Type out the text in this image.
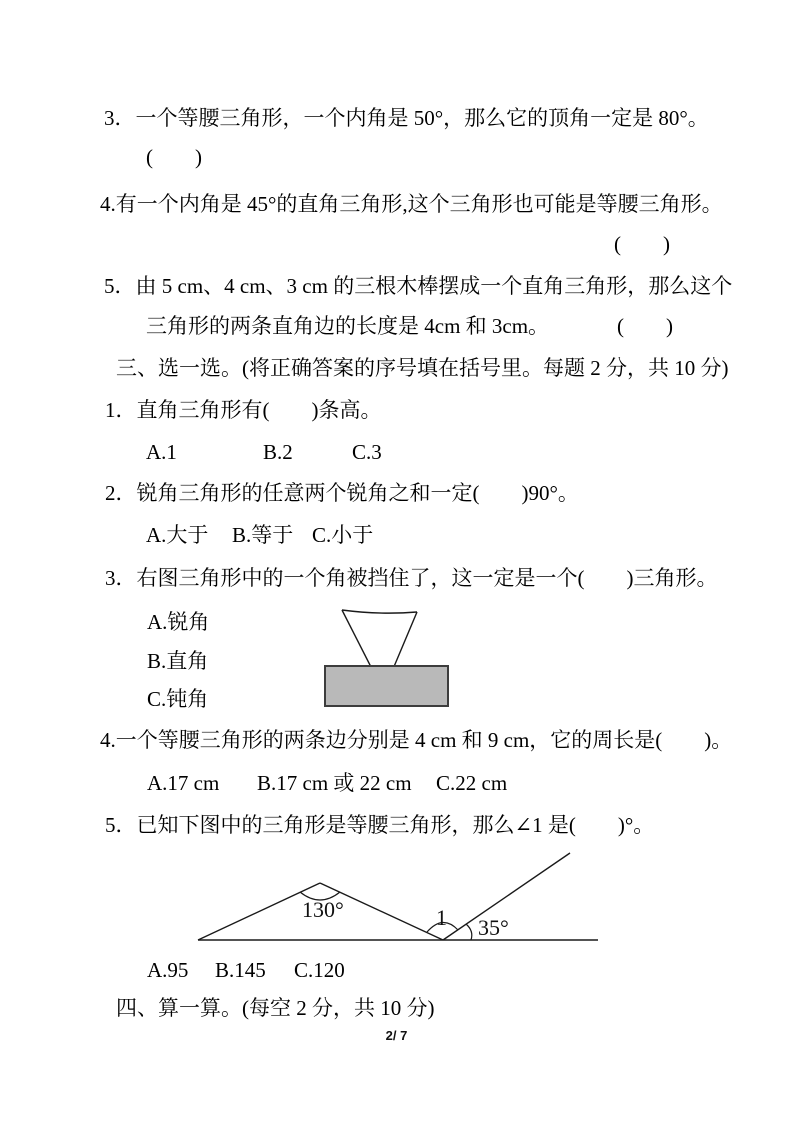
3．一个等腰三角形，一个内角是 50°，那么它的顶角一定是 80°。
(        )
4.有一个内角是 45°的直角三角形,这个三角形也可能是等腰三角形。
(        )
5．由 5 cm、4 cm、3 cm 的三根木棒摆成一个直角三角形，那么这个
三角形的两条直角边的长度是 4cm 和 3cm。	(        )
三、选一选。(将正确答案的序号填在括号里。每题 2 分，共 10 分)
1．直角三角形有(        )条高。
A.1	B.2	C.3
2．锐角三角形的任意两个锐角之和一定(        )90°。
A.大于 B.等于 C.小于
3．右图三角形中的一个角被挡住了，这一定是一个(        )三角形。
A.锐角
B.直角
C.钝角
4.一个等腰三角形的两条边分别是 4 cm 和 9 cm，它的周长是(        )。
A.17 cm B.17 cm 或 22 cm C.22 cm
5．已知下图中的三角形是等腰三角形，那么∠1 是(        )°。
130°	1 35°
A.95 B.145 C.120
四、算一算。(每空 2 分，共 10 分)
2/ 7
